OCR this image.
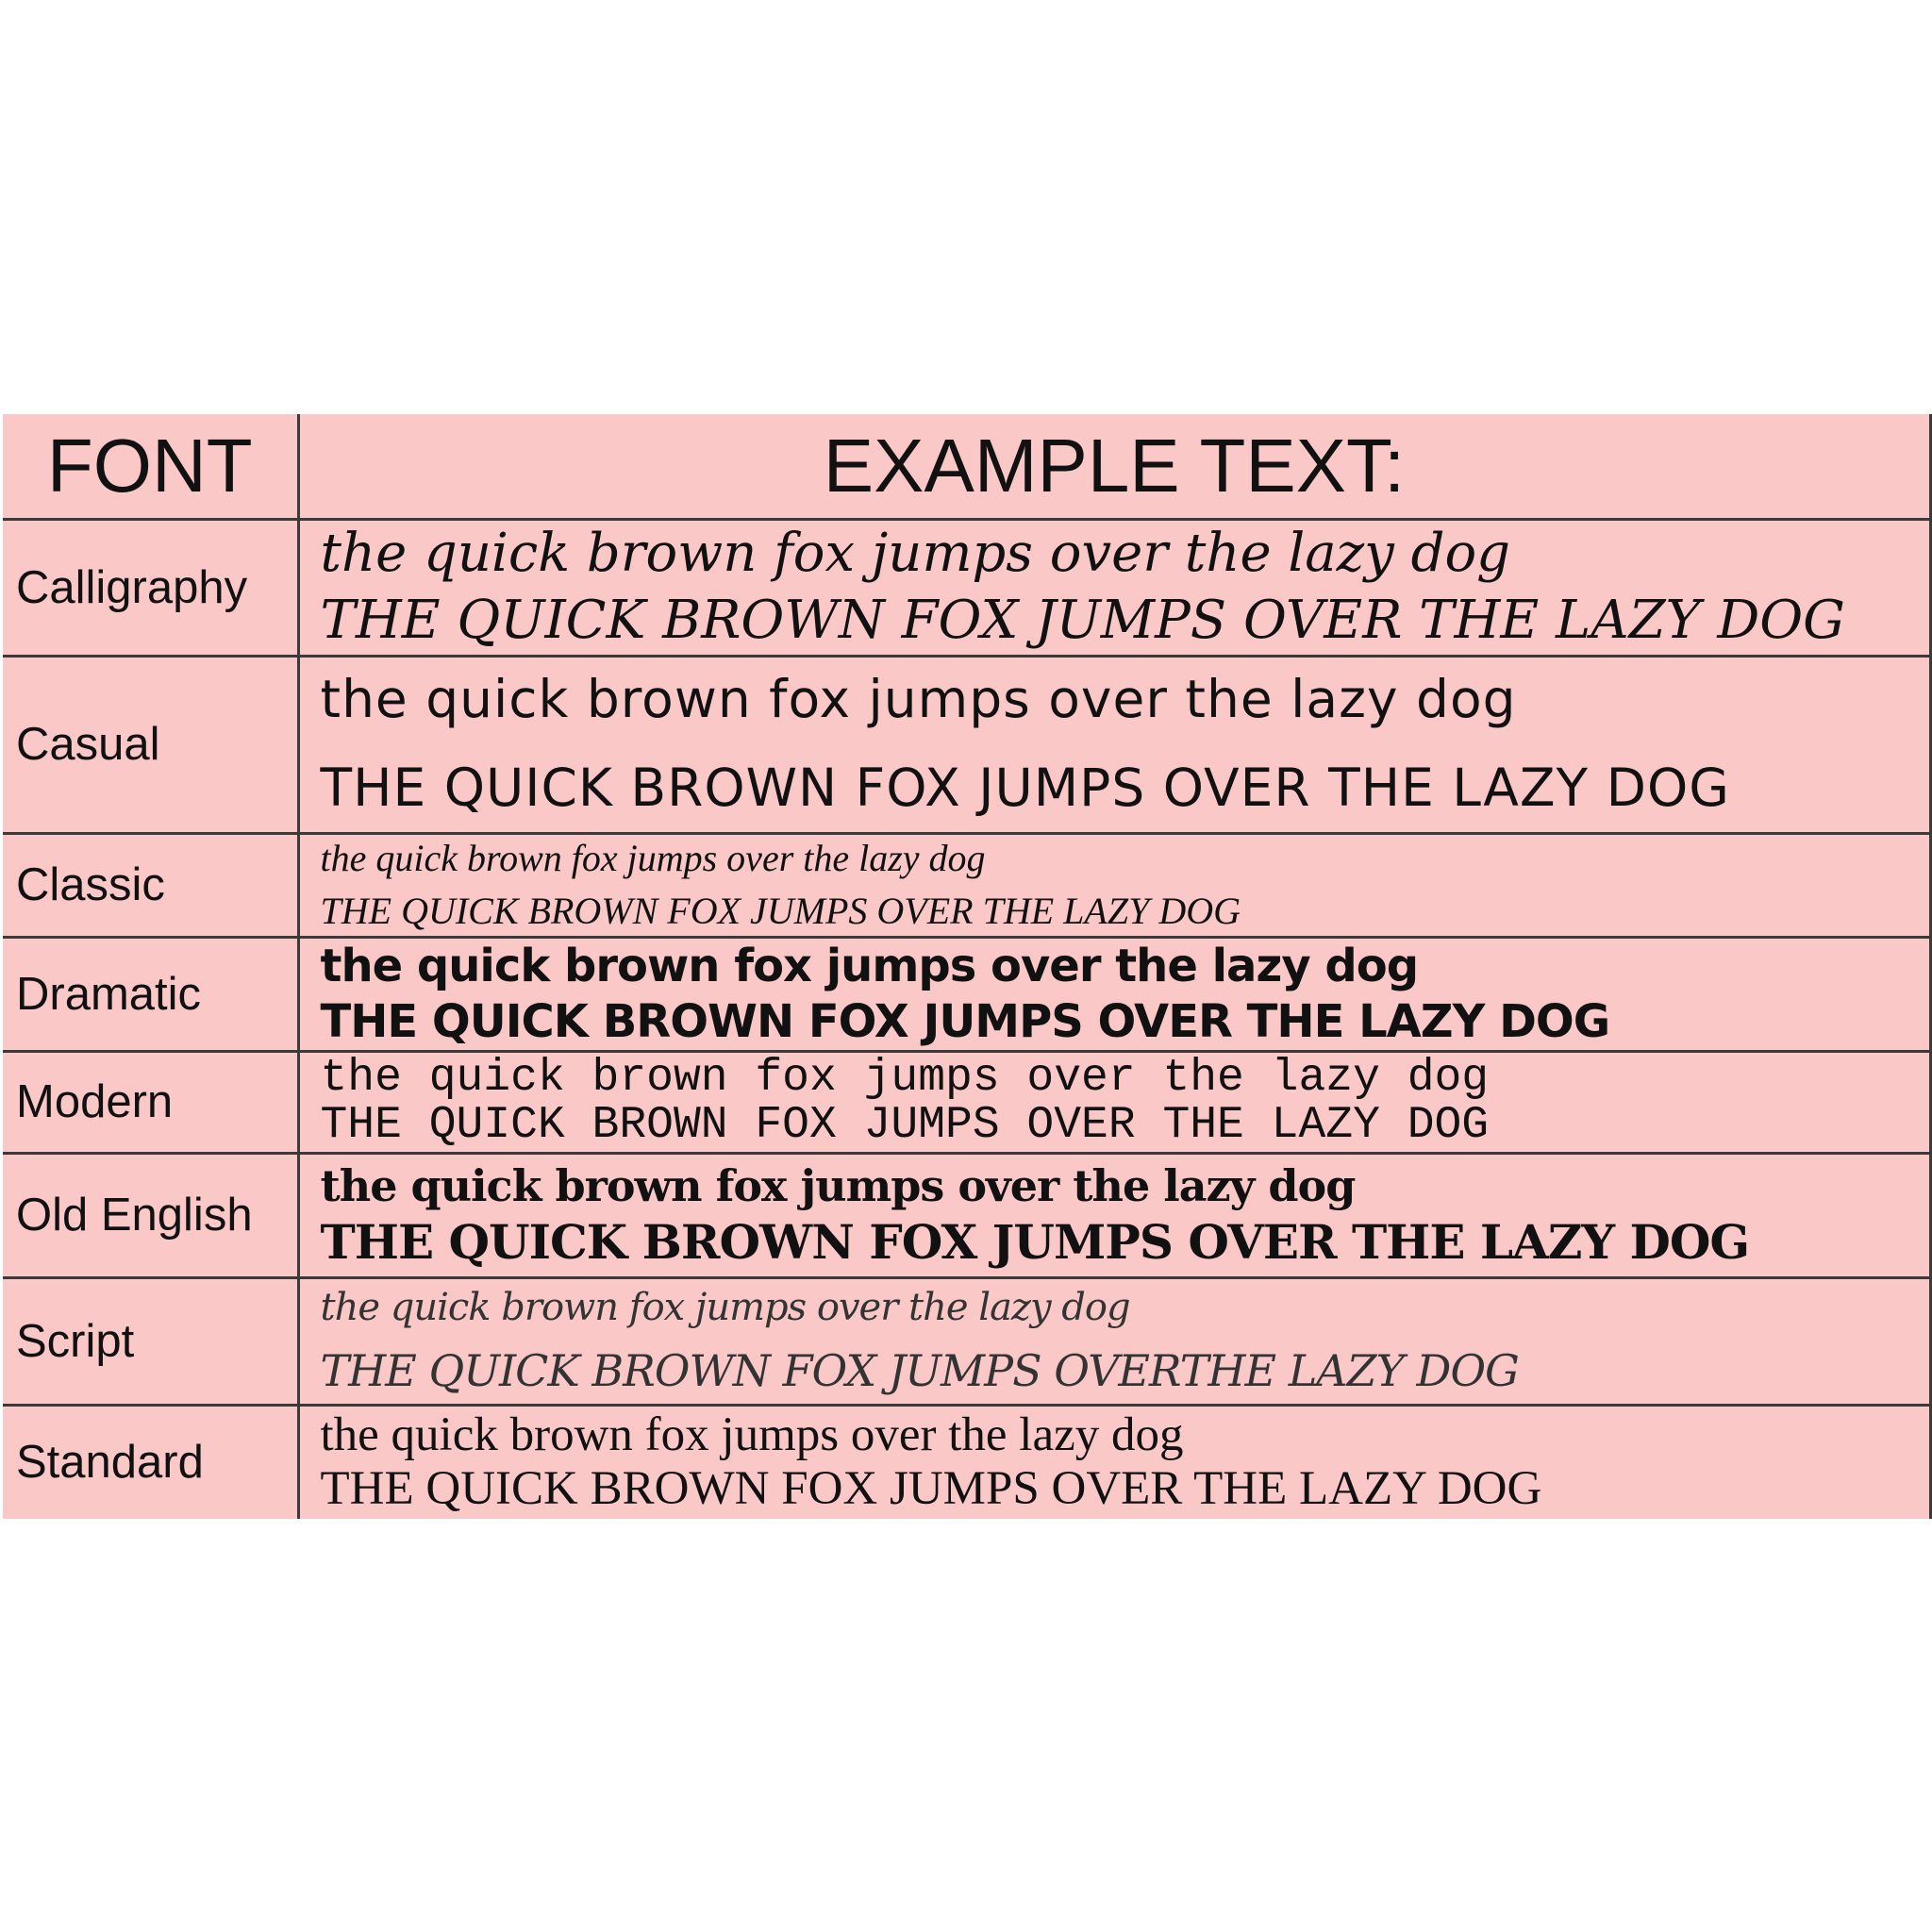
FONT	EXAMPLE TEXT:
Calligraphy	the quick brown fox jumps over the lazy dog
THE QUICK BROWN FOX JUMPS OVER THE LAZY DOG

Casual	the quick brown fox jumps over the lazy dog
THE QUICK BROWN FOX JUMPS OVER THE LAZY DOG

Classic	the quick brown fox jumps over the lazy dog
THE QUICK BROWN FOX JUMPS OVER THE LAZY DOG

Dramatic	the quick brown fox jumps over the lazy dog
THE QUICK BROWN FOX JUMPS OVER THE LAZY DOG

Modern	the quick brown fox jumps over the lazy dog
THE QUICK BROWN FOX JUMPS OVER THE LAZY DOG

Old English	the quick brown fox jumps over the lazy dog
THE QUICK BROWN FOX JUMPS OVER THE LAZY DOG

Script	the quick brown fox jumps over the lazy dog
THE QUICK BROWN FOX JUMPS OVERTHE LAZY DOG

Standard	the quick brown fox jumps over the lazy dog
THE QUICK BROWN FOX JUMPS OVER THE LAZY DOG
